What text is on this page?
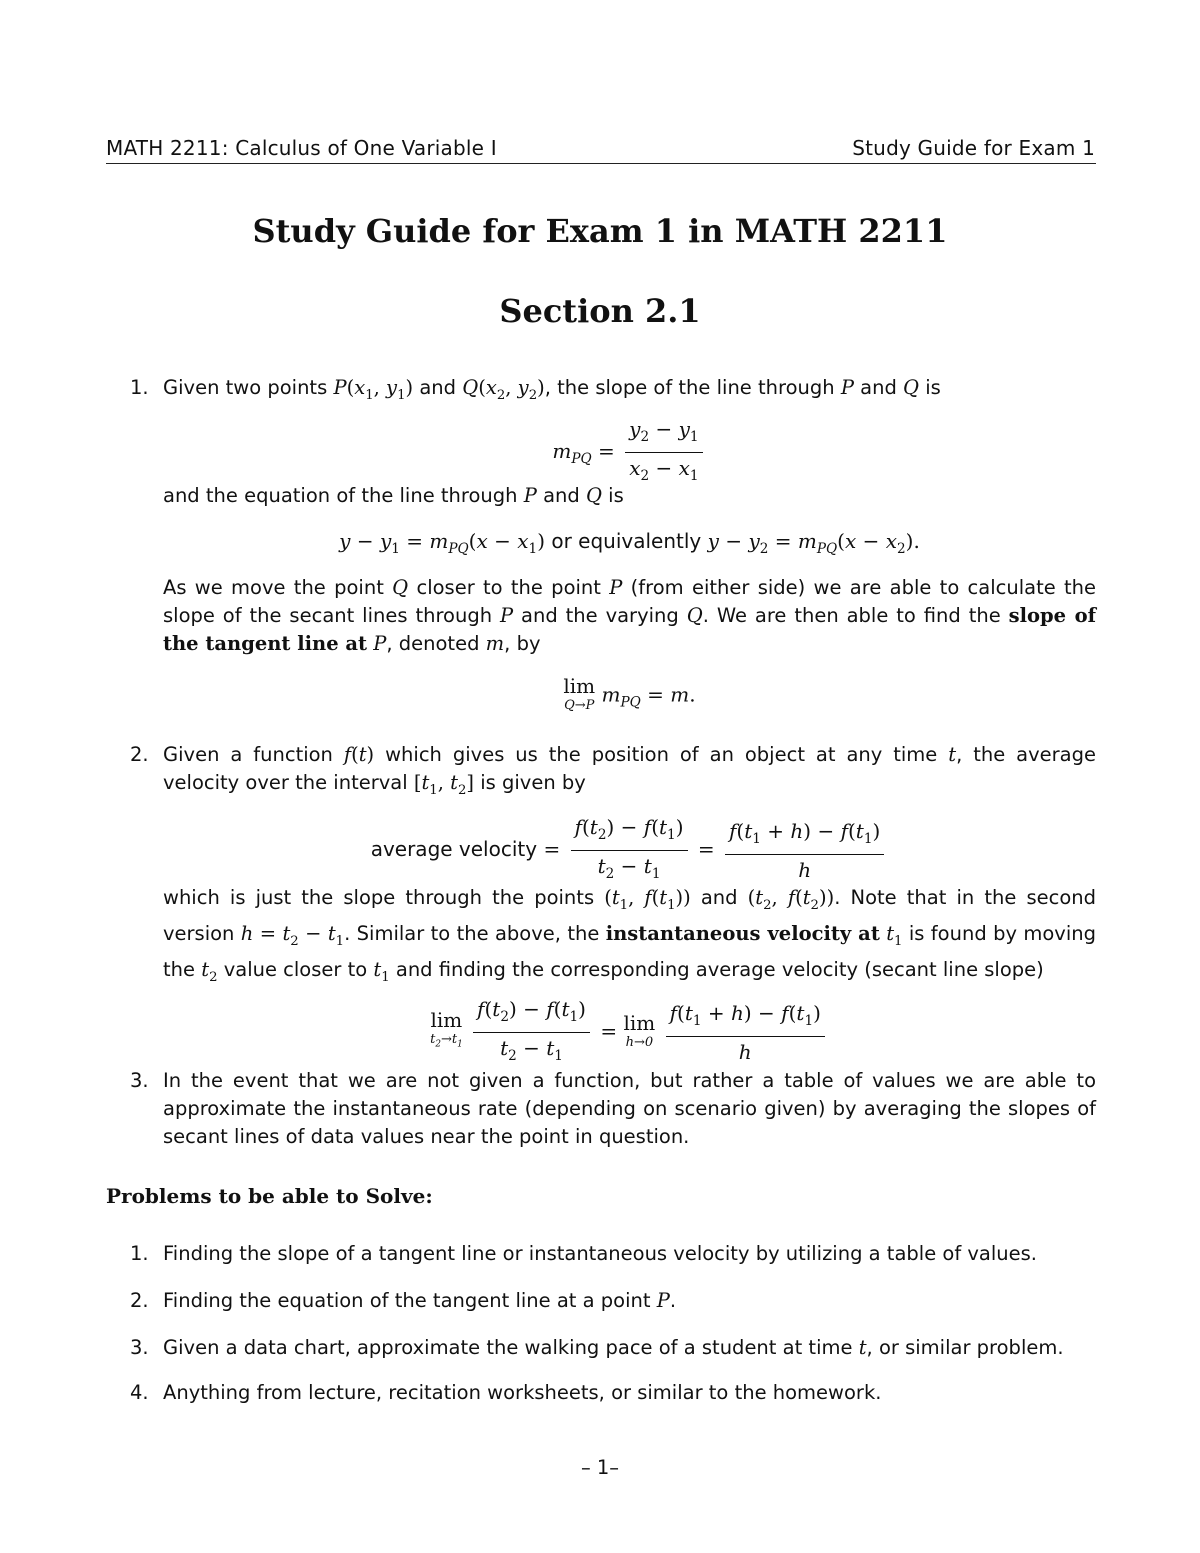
MATH 2211: Calculus of One Variable I	Study Guide for Exam 1
Study Guide for Exam 1 in MATH 2211
Section 2.1
1. Given two points $P(x_1$, $y_1$) and $Q(x_2$, $y_2$), the slope of the line through P and Q is
$m_{PQ} = \frac{y_2 - y_1}{x_2 - x_1}$
and the equation of the line through P and Q is
$y - y_1 = m_{PQ}(x - x_1)$ or equivalently $y - y_2 = m_{PQ}(x - x_2)$.
As we move the point Q closer to the point P (from either side) we are able to calculate the slope of the secant lines through P and the varying Q. We are then able to find the slope of the tangent line at P, denoted m, by
lim
Q→P $m_{PQ} = m$.
2. Given a function f(t) which gives us the position of an object at any time t, the average velocity over the interval [$t_1$, $t_2$] is given by
average velocity = $\frac{f(t_2) - f(t_1)}{t_2 - t_1} = \frac{f(t_1 + h) - f(t_1)}{h}$
which is just the slope through the points ($t_1$, $f(t_1)$) and ($t_2$, $f(t_2)$). Note that in the second version $h = t_2 - t_1$. Similar to the above, the instantaneous velocity at $t_1$ is found by moving the $t_2$ value closer to $t_1$ and finding the corresponding average velocity (secant line slope)
lim
$t_2\to t_1$
$\frac{f(t_2) - f(t_1)}{t_2 - t_1} = \lim$
h→0
$\frac{f(t_1 + h) - f(t_1)}{h}$
3. In the event that we are not given a function, but rather a table of values we are able to approximate the instantaneous rate (depending on scenario given) by averaging the slopes of secant lines of data values near the point in question.
Problems to be able to Solve:
1. Finding the slope of a tangent line or instantaneous velocity by utilizing a table of values.
2. Finding the equation of the tangent line at a point P.
3. Given a data chart, approximate the walking pace of a student at time t, or similar problem.
4. Anything from lecture, recitation worksheets, or similar to the homework.
– 1–
